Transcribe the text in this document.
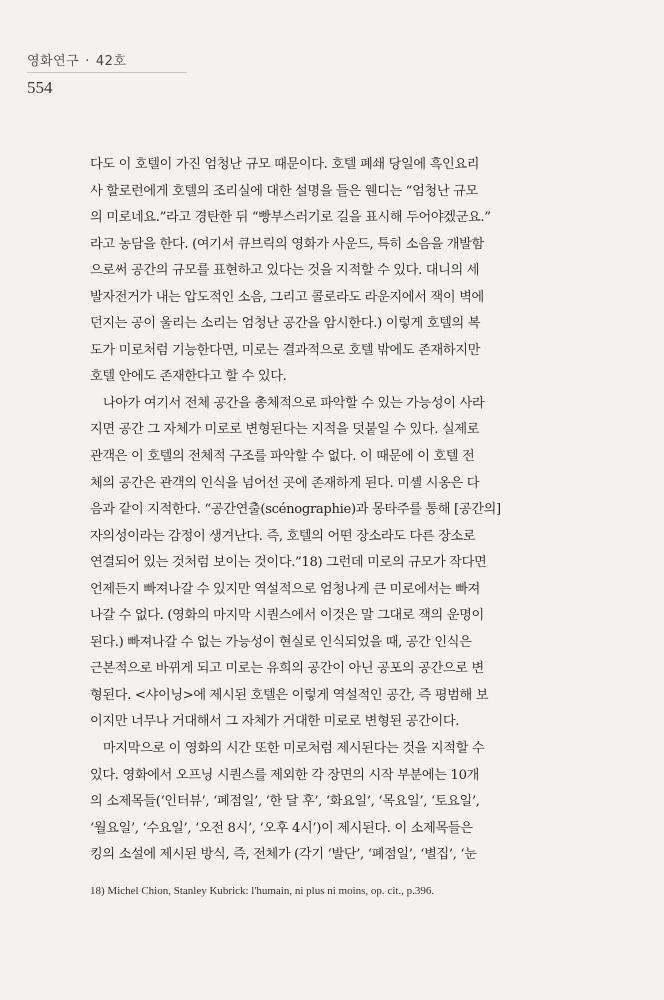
영화연구 · 42호
554
다도 이 호텔이 가진 엄청난 규모 때문이다. 호텔 폐쇄 당일에 흑인요리
사 할로런에게 호텔의 조리실에 대한 설명을 들은 웬디는 “엄청난 규모
의 미로네요.”라고 경탄한 뒤 “빵부스러기로 길을 표시해 두어야겠군요.”
라고 농담을 한다. (여기서 큐브릭의 영화가 사운드, 특히 소음을 개발함
으로써 공간의 규모를 표현하고 있다는 것을 지적할 수 있다. 대니의 세
발자전거가 내는 압도적인 소음, 그리고 콜로라도 라운지에서 잭이 벽에
던지는 공이 울리는 소리는 엄청난 공간을 암시한다.) 이렇게 호텔의 복
도가 미로처럼 기능한다면, 미로는 결과적으로 호텔 밖에도 존재하지만
호텔 안에도 존재한다고 할 수 있다.
　나아가 여기서 전체 공간을 총체적으로 파악할 수 있는 가능성이 사라
지면 공간 그 자체가 미로로 변형된다는 지적을 덧붙일 수 있다. 실제로
관객은 이 호텔의 전체적 구조를 파악할 수 없다. 이 때문에 이 호텔 전
체의 공간은 관객의 인식을 넘어선 곳에 존재하게 된다. 미셸 시옹은 다
음과 같이 지적한다. “공간연출(scénographie)과 몽타주를 통해 [공간의]
자의성이라는 감정이 생겨난다. 즉, 호텔의 어떤 장소라도 다른 장소로
연결되어 있는 것처럼 보이는 것이다.”18) 그런데 미로의 규모가 작다면
언제든지 빠져나갈 수 있지만 역설적으로 엄청나게 큰 미로에서는 빠져
나갈 수 없다. (영화의 마지막 시퀀스에서 이것은 말 그대로 잭의 운명이
된다.) 빠져나갈 수 없는 가능성이 현실로 인식되었을 때, 공간 인식은
근본적으로 바뀌게 되고 미로는 유희의 공간이 아닌 공포의 공간으로 변
형된다. <샤이닝>에 제시된 호텔은 이렇게 역설적인 공간, 즉 평범해 보
이지만 너무나 거대해서 그 자체가 거대한 미로로 변형된 공간이다.
　마지막으로 이 영화의 시간 또한 미로처럼 제시된다는 것을 지적할 수
있다. 영화에서 오프닝 시퀀스를 제외한 각 장면의 시작 부분에는 10개
의 소제목들(‘인터뷰’, ‘폐점일’, ‘한 달 후’, ‘화요일’, ‘목요일’, ‘토요일’,
‘월요일’, ‘수요일’, ‘오전 8시’, ‘오후 4시’)이 제시된다. 이 소제목들은
킹의 소설에 제시된 방식, 즉, 전체가 (각기 ‘발단’, ‘폐점일’, ‘별집’, ‘눈
18) Michel Chion, Stanley Kubrick: l'humain, ni plus ni moins, op. cit., p.396.
